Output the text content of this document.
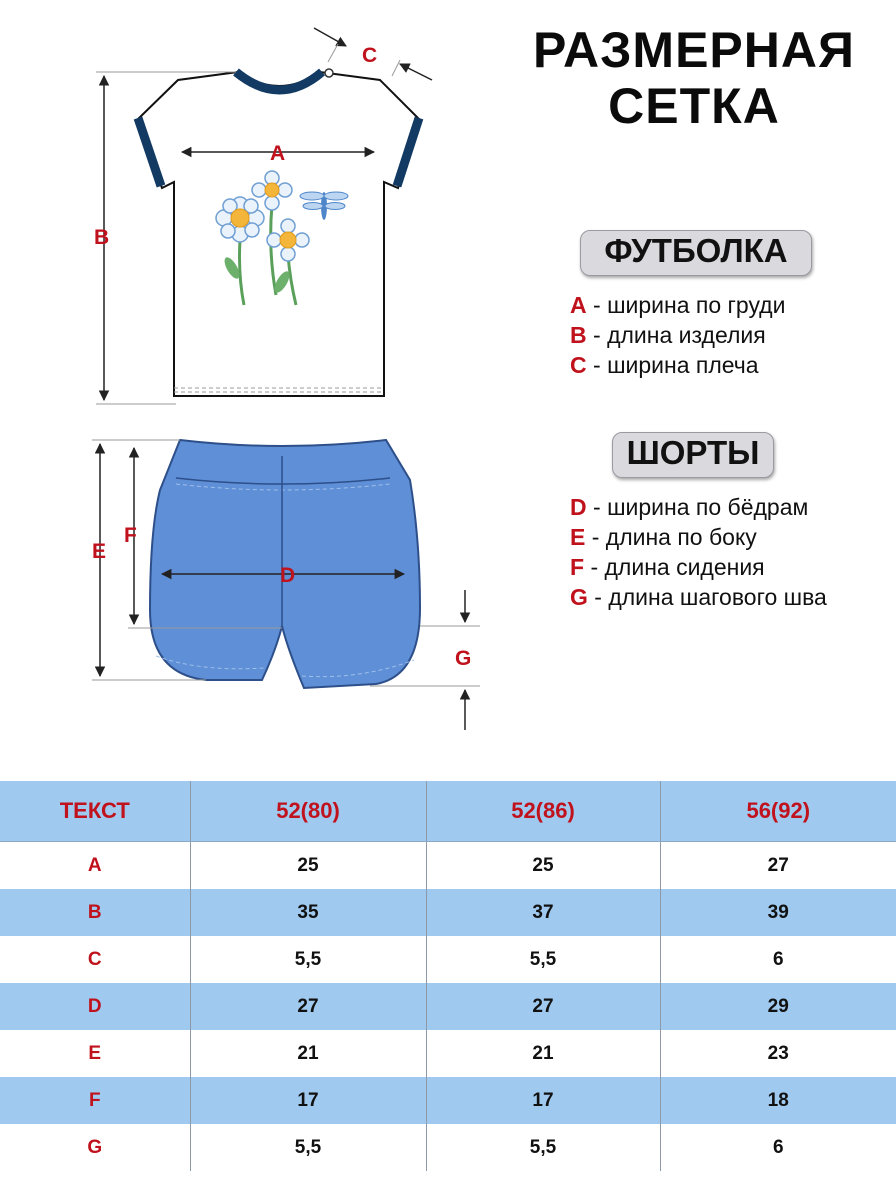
A
B
C
D
E
F
G
РАЗМЕРНАЯ
СЕТКА
ФУТБОЛКА
A - ширина по груди
B - длина изделия
C - ширина плеча
ШОРТЫ
D - ширина по бёдрам
E - длина по боку
F - длина сидения
G - длина шагового шва
ТЕКСТ	52(80)	52(86)	56(92)
A	25	25	27
B	35	37	39
C	5,5	5,5	6
D	27	27	29
E	21	21	23
F	17	17	18
G	5,5	5,5	6
